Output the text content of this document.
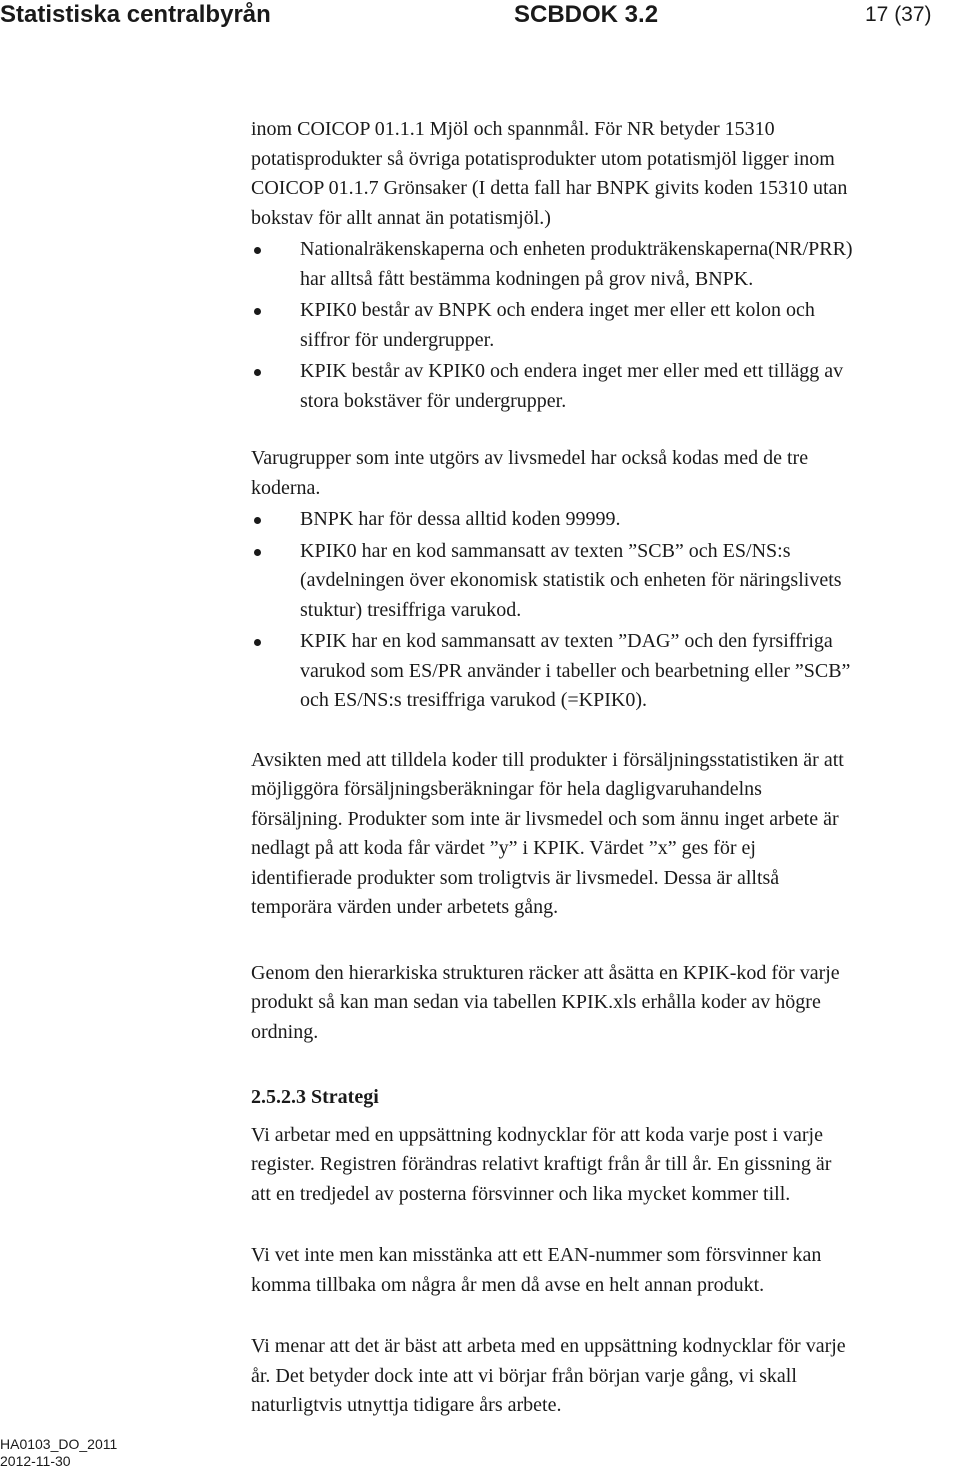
Statistiska centralbyrån	SCBDOK 3.2	17 (37)

inom COICOP 01.1.1 Mjöl och spannmål. För NR betyder 15310
potatisprodukter så övriga potatisprodukter utom potatismjöl ligger inom
COICOP 01.1.7 Grönsaker (I detta fall har BNPK givits koden 15310 utan
bokstav för allt annat än potatismjöl.)

Nationalräkenskaperna och enheten produkträkenskaperna(NR/PRR)
har alltså fått bestämma kodningen på grov nivå, BNPK.
KPIK0 består av BNPK och endera inget mer eller ett kolon och
siffror för undergrupper.
KPIK består av KPIK0 och endera inget mer eller med ett tillägg av
stora bokstäver för undergrupper.

Varugrupper som inte utgörs av livsmedel har också kodas med de tre
koderna.

BNPK har för dessa alltid koden 99999.
KPIK0 har en kod sammansatt av texten ”SCB” och ES/NS:s
(avdelningen över ekonomisk statistik och enheten för näringslivets
stuktur) tresiffriga varukod.
KPIK har en kod sammansatt av texten ”DAG” och den fyrsiffriga
varukod som ES/PR använder i tabeller och bearbetning eller ”SCB”
och ES/NS:s tresiffriga varukod (=KPIK0).

Avsikten med att tilldela koder till produkter i försäljningsstatistiken är att
möjliggöra försäljningsberäkningar för hela dagligvaruhandelns
försäljning. Produkter som inte är livsmedel och som ännu inget arbete är
nedlagt på att koda får värdet ”y” i KPIK. Värdet ”x” ges för ej
identifierade produkter som troligtvis är livsmedel. Dessa är alltså
temporära värden under arbetets gång.

Genom den hierarkiska strukturen räcker att åsätta en KPIK-kod för varje
produkt så kan man sedan via tabellen KPIK.xls erhålla koder av högre
ordning.

2.5.2.3 Strategi

Vi arbetar med en uppsättning kodnycklar för att koda varje post i varje
register. Registren förändras relativt kraftigt från år till år. En gissning är
att en tredjedel av posterna försvinner och lika mycket kommer till.

Vi vet inte men kan misstänka att ett EAN-nummer som försvinner kan
komma tillbaka om några år men då avse en helt annan produkt.

Vi menar att det är bäst att arbeta med en uppsättning kodnycklar för varje
år. Det betyder dock inte att vi börjar från början varje gång, vi skall
naturligtvis utnyttja tidigare års arbete.

HA0103_DO_2011
2012-11-30
